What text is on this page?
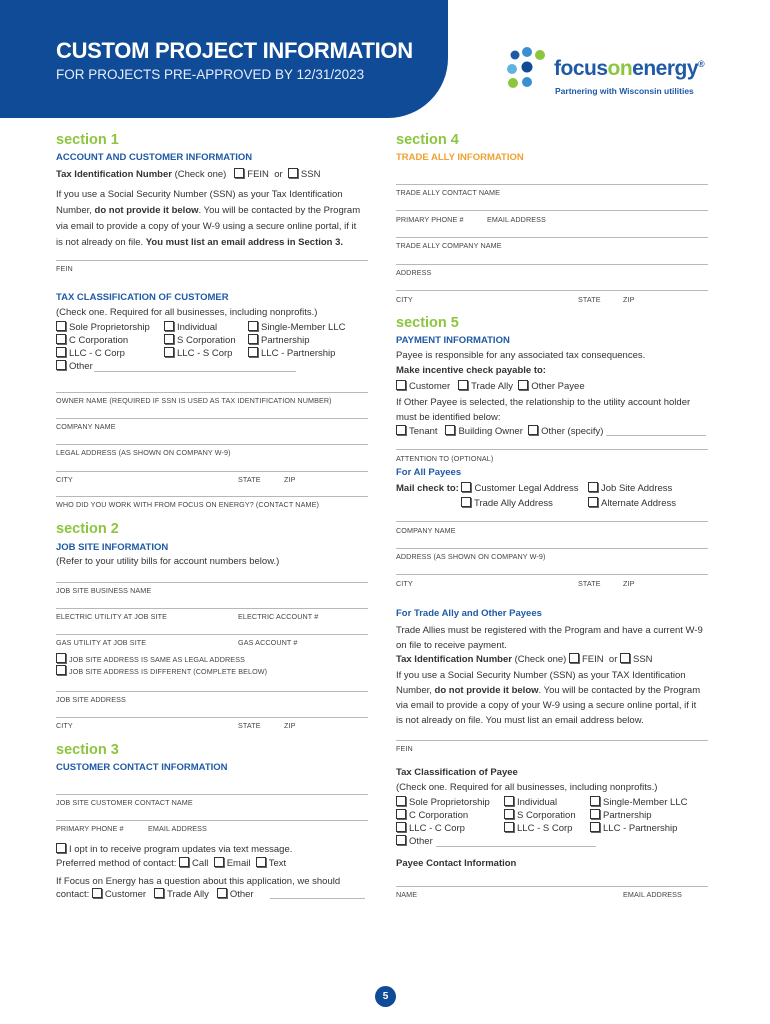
CUSTOM PROJECT INFORMATION
FOR PROJECTS PRE-APPROVED BY 12/31/2023	focusonenergy®
Partnering with Wisconsin utilities
section 1
ACCOUNT AND CUSTOMER INFORMATION
Tax Identification Number (Check one) FEIN or SSN
If you use a Social Security Number (SSN) as your Tax Identification
Number, do not provide it below. You will be contacted by the Program
via email to provide a copy of your W-9 using a secure online portal, if it
is not already on file. You must list an email address in Section 3.
FEIN
TAX CLASSIFICATION OF CUSTOMER
(Check one. Required for all businesses, including nonprofits.)
Sole Proprietorship	Individual	Single-Member LLC
C Corporation	S Corporation	Partnership
LLC - C Corp	LLC - S Corp	LLC - Partnership
Other
OWNER NAME (REQUIRED IF SSN IS USED AS TAX IDENTIFICATION NUMBER)
COMPANY NAME
LEGAL ADDRESS (AS SHOWN ON COMPANY W-9)
CITY	STATE	ZIP
WHO DID YOU WORK WITH FROM FOCUS ON ENERGY? (CONTACT NAME)
section 2
JOB SITE INFORMATION
(Refer to your utility bills for account numbers below.)
JOB SITE BUSINESS NAME
ELECTRIC UTILITY AT JOB SITE	ELECTRIC ACCOUNT #
GAS UTILITY AT JOB SITE	GAS ACCOUNT #
JOB SITE ADDRESS IS SAME AS LEGAL ADDRESS
JOB SITE ADDRESS IS DIFFERENT (COMPLETE BELOW)
JOB SITE ADDRESS
CITY	STATE	ZIP
section 3
CUSTOMER CONTACT INFORMATION
JOB SITE CUSTOMER CONTACT NAME
PRIMARY PHONE #	EMAIL ADDRESS
I opt in to receive program updates via text message.
Preferred method of contact: Call Email Text
If Focus on Energy has a question about this application, we should
contact: Customer Trade Ally Other
section 4
TRADE ALLY INFORMATION
TRADE ALLY CONTACT NAME
PRIMARY PHONE #	EMAIL ADDRESS
TRADE ALLY COMPANY NAME
ADDRESS
CITY	STATE	ZIP
section 5
PAYMENT INFORMATION
Payee is responsible for any associated tax consequences.
Make incentive check payable to:
Customer Trade Ally Other Payee
If Other Payee is selected, the relationship to the utility account holder
must be identified below:
Tenant Building Owner Other (specify)
ATTENTION TO (OPTIONAL)
For All Payees
Mail check to: Customer Legal Address	Job Site Address
Trade Ally Address	Alternate Address
COMPANY NAME
ADDRESS (AS SHOWN ON COMPANY W-9)
CITY	STATE	ZIP
For Trade Ally and Other Payees
Trade Allies must be registered with the Program and have a current W-9
on file to receive payment.
Tax Identification Number (Check one) FEIN or SSN
If you use a Social Security Number (SSN) as your TAX Identification
Number, do not provide it below. You will be contacted by the Program
via email to provide a copy of your W-9 using a secure online portal, if it
is not already on file. You must list an email address below.
FEIN
Tax Classification of Payee
(Check one. Required for all businesses, including nonprofits.)
Sole Proprietorship	Individual	Single-Member LLC
C Corporation	S Corporation	Partnership
LLC - C Corp	LLC - S Corp	LLC - Partnership
Other
Payee Contact Information
NAME	EMAIL ADDRESS
5
